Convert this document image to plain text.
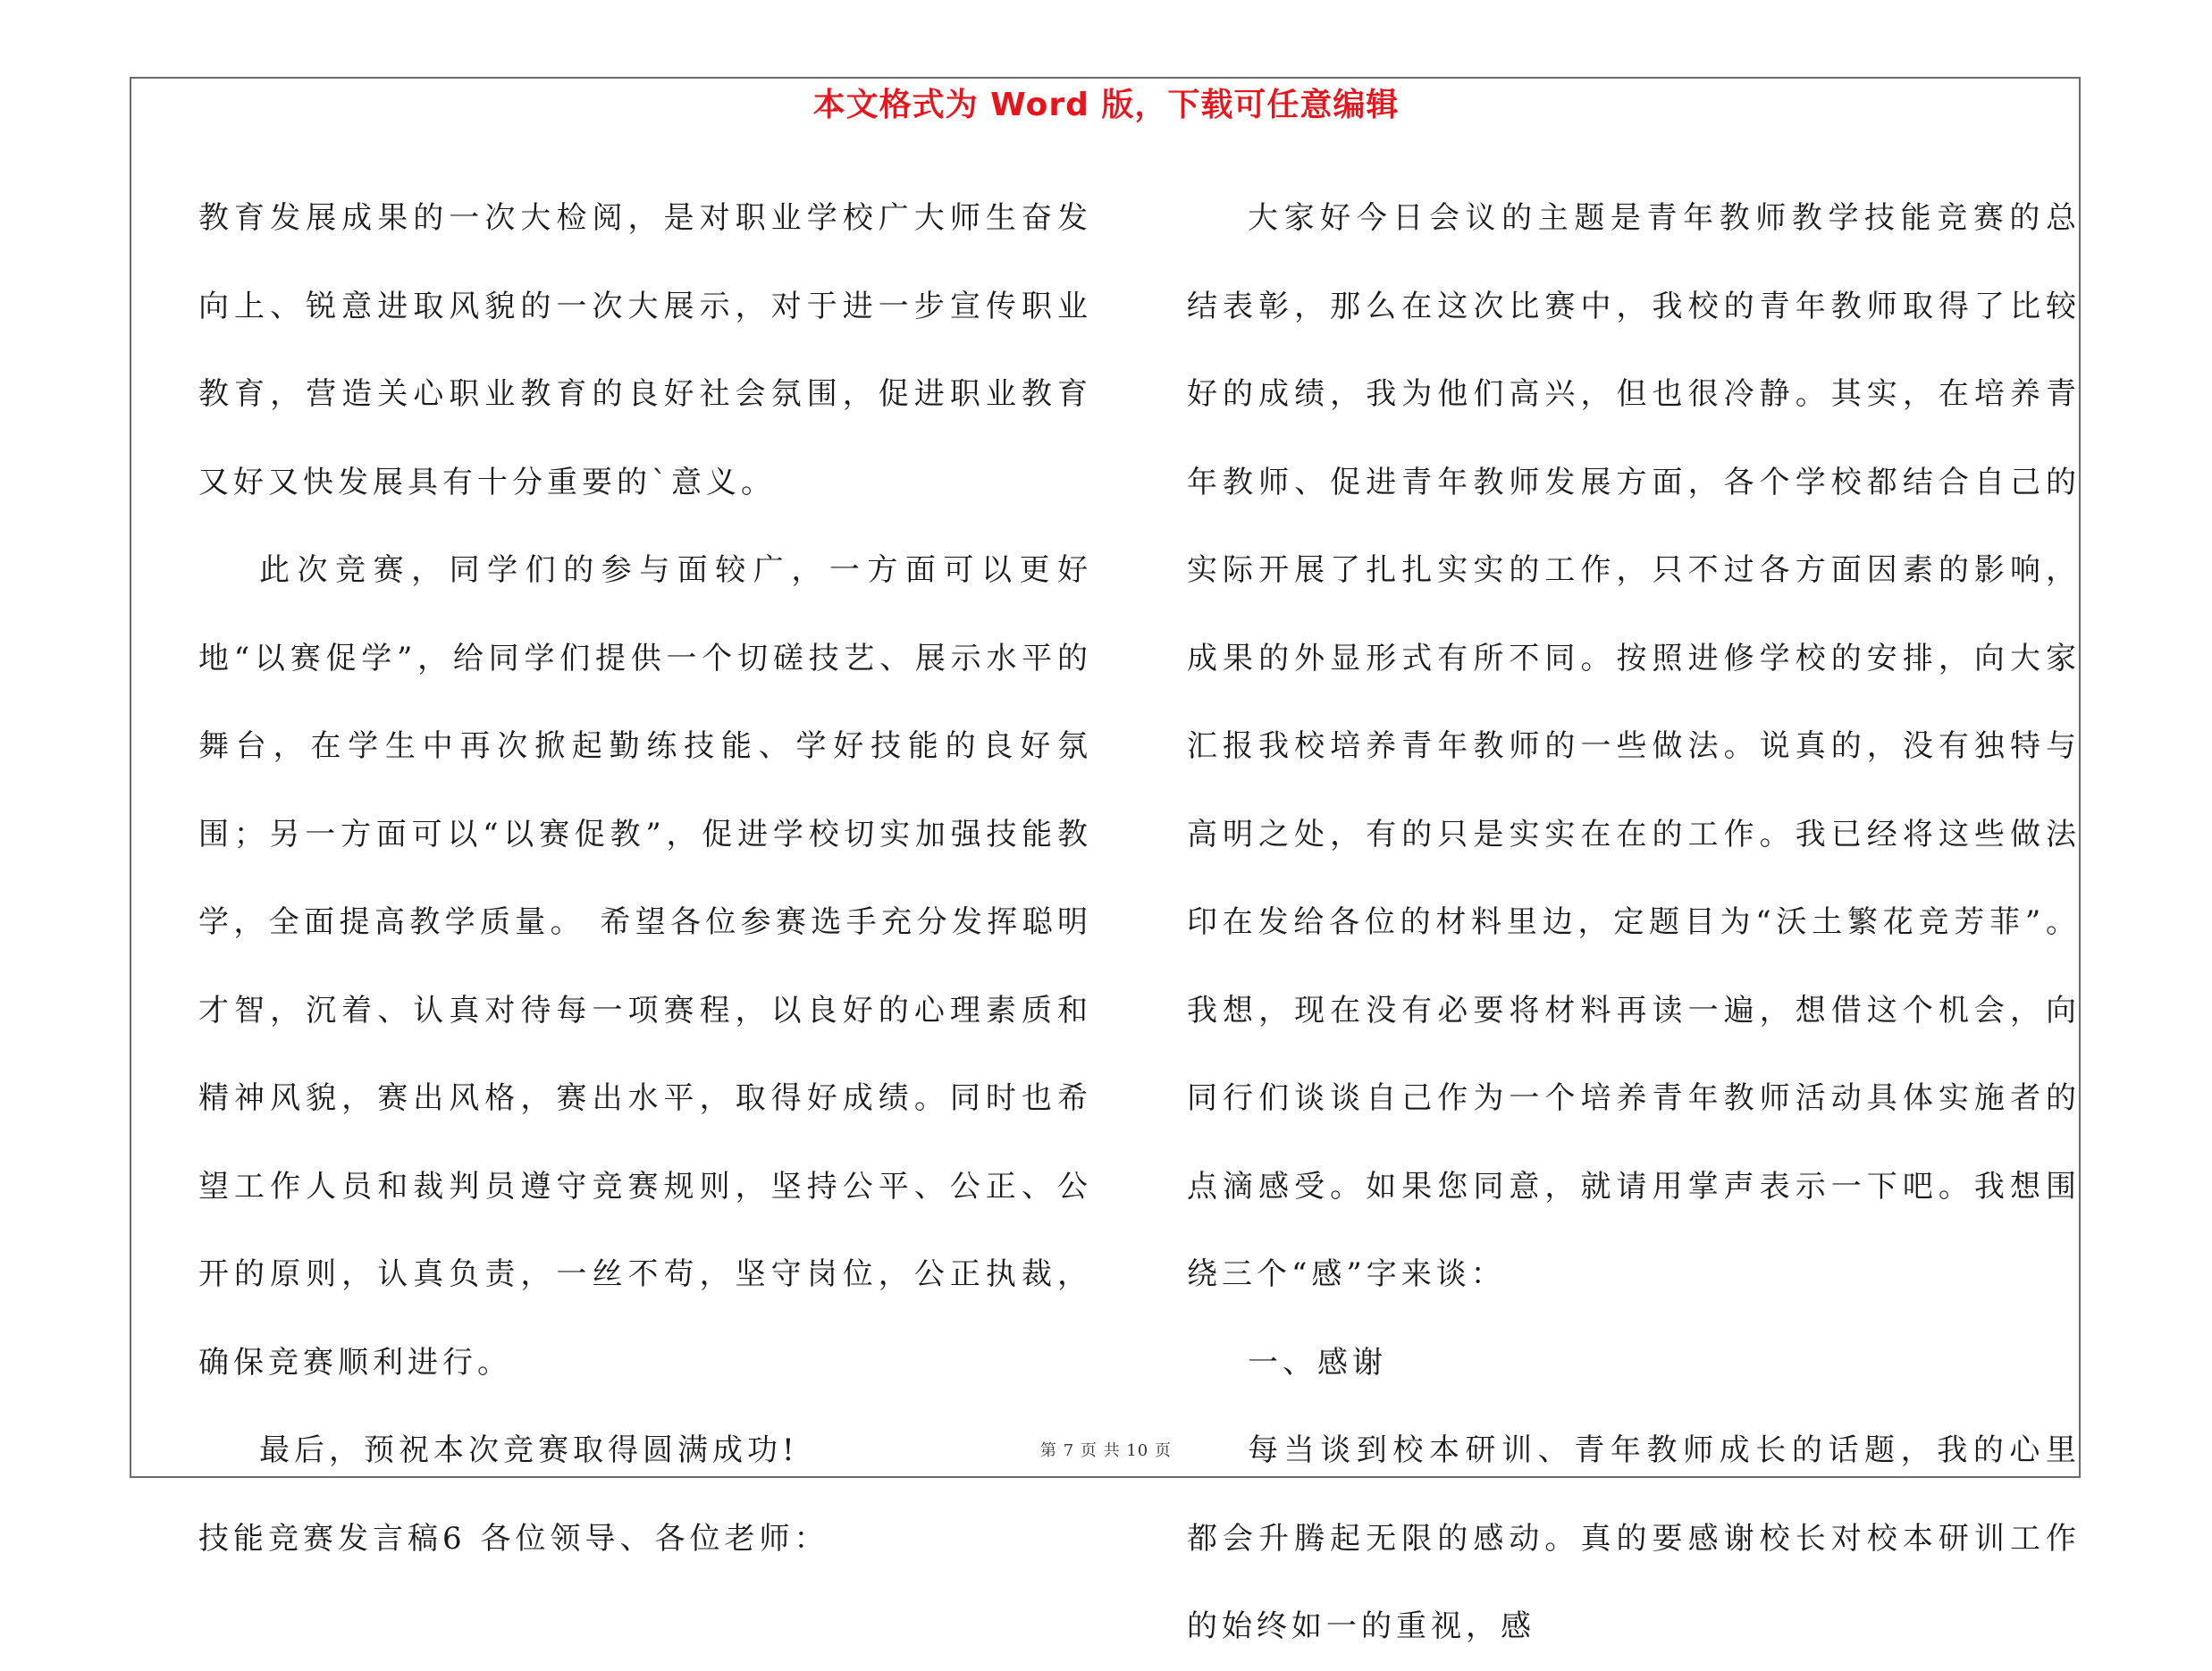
本文格式为 Word 版，下载可任意编辑

教育发展成果的一次大检阅，是对职业学校广大师生奋发向上、锐意进取风貌的一次大展示，对于进一步宣传职业教育，营造关心职业教育的良好社会氛围，促进职业教育又好又快发展具有十分重要的`意义。

此次竞赛，同学们的参与面较广，一方面可以更好地“以赛促学”，给同学们提供一个切磋技艺、展示水平的舞台，在学生中再次掀起勤练技能、学好技能的良好氛围；另一方面可以“以赛促教”，促进学校切实加强技能教学，全面提高教学质量。 希望各位参赛选手充分发挥聪明才智，沉着、认真对待每一项赛程，以良好的心理素质和精神风貌，赛出风格，赛出水平，取得好成绩。同时也希望工作人员和裁判员遵守竞赛规则，坚持公平、公正、公开的原则，认真负责，一丝不苟，坚守岗位，公正执裁，确保竞赛顺利进行。

最后，预祝本次竞赛取得圆满成功!

技能竞赛发言稿6 各位领导、各位老师：

大家好今日会议的主题是青年教师教学技能竞赛的总结表彰，那么在这次比赛中，我校的青年教师取得了比较好的成绩，我为他们高兴，但也很冷静。其实，在培养青年教师、促进青年教师发展方面，各个学校都结合自己的实际开展了扎扎实实的工作，只不过各方面因素的影响，成果的外显形式有所不同。按照进修学校的安排，向大家汇报我校培养青年教师的一些做法。说真的，没有独特与高明之处，有的只是实实在在的工作。我已经将这些做法印在发给各位的材料里边，定题目为“沃土繁花竞芳菲”。我想，现在没有必要将材料再读一遍，想借这个机会，向同行们谈谈自己作为一个培养青年教师活动具体实施者的点滴感受。如果您同意，就请用掌声表示一下吧。我想围绕三个“感”字来谈：

一、感谢

每当谈到校本研训、青年教师成长的话题，我的心里都会升腾起无限的感动。真的要感谢校长对校本研训工作的始终如一的重视，感

第 7 页 共 10 页
